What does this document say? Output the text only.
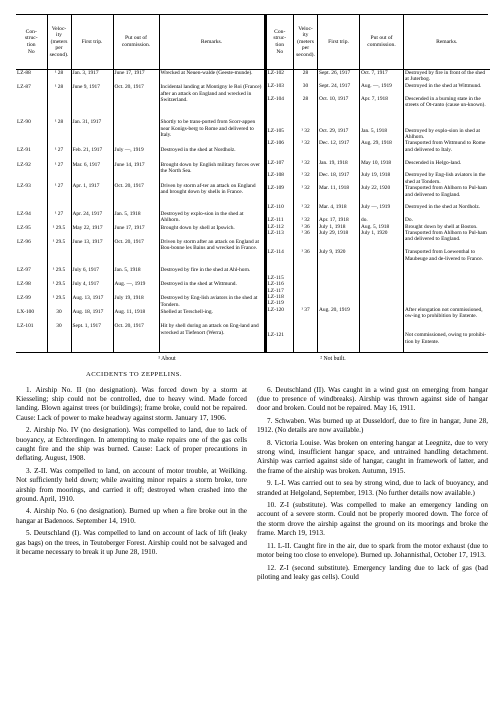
Con-
struc-
tion
No	Veloc-
ity
(meters
per
second).	First trip.	Put out of
commission.	Remarks.
LZ-88	¹ 28	Jan. 3, 1917	June 17, 1917	Wrecked at Neuen-walde (Geeste-munde).
LZ-87	¹ 28	June 9, 1917	Oct. 20, 1917	Incidental landing at Montigny le Roi (France) after an attack on England and wrecked in Switzerland.
LZ-90	¹ 28	Jan. 31, 1917		Shortly to be trans-ported from Scorr-appen near Konigs-berg to Rome and delivered to Italy.
LZ-91	¹ 27	Feb. 21, 1917	July —, 1919	Destroyed in the shed at Nordholz.
LZ-92	¹ 27	Mar. 6, 1917	June 14, 1917	Brought down by English military forces over the North Sea.
LZ-93	¹ 27	Apr. 1, 1917	Oct. 20, 1917	Driven by storm af-ter an attack on England and brought down by shells in France.
LZ-94	¹ 27	Apr. 24, 1917	Jan. 5, 1918	Destroyed by explo-sion in the shed at Ahlhorn.
LZ-95	¹ 29.5	May 22, 1917	June 17, 1917	Brought down by shell at Ipswich.
LZ-96	¹ 29.5	June 13, 1917	Oct. 20, 1917	Driven by storm after an attack on England at Bou-bonne les Bains and wrecked in France.
LZ-97	¹ 29.5	July 6, 1917	Jan. 5, 1918	Destroyed by fire in the shed at Ahl-horn.
LZ-98	¹ 29.5	July 4, 1917	Aug. —, 1919	Destroyed in the shed at Wittmund.
LZ-99	¹ 29.5	Aug. 13, 1917	July 19, 1918	Destroyed by Eng-lish aviators in the shed at Tondern.
LX-100	30	Aug. 18, 1917	Aug. 11, 1918	Shelled at Terschell-ing.
LZ-101	30	Sept. 1, 1917	Oct. 20, 1917	Hit by shell during an attack on Eng-land and wrecked at Tiefenort (Werra).
Con-
struc-
tion
No	Veloc-
ity
(meters
per
second).	First trip.	Put out of
commission.	Remarks.
LZ-102	28	Sept. 26, 1917	Oct. 7, 1917	Destroyed by fire in front of the shed at Juterbog.
LZ-103	30	Sept. 24, 1917	Aug. —, 1919	Destroyed in the shed at Wittmund.
LZ-104	28	Oct. 10, 1917	Apr. 7, 1918	Descended in a burning state in the streets of Ot-ranto (cause un-known).
LZ-105	¹ 32	Oct. 29, 1917	Jan. 5, 1918	Destroyed by explo-sion in shed at Ahlhorn.
LZ-106	¹ 32	Dec. 12, 1917	Aug. 29, 1918	Transported from Wittmund to Rome and delivered to Italy.
LZ-107	¹ 32	Jan. 19, 1918	May 10, 1918	Descended in Helgo-land.
LZ-108	¹ 32	Dec. 18, 1917	July 19, 1918	Destroyed by Eng-lish aviators in the shed at Tondern.
LZ-109	¹ 32	Mar. 11, 1918	July 22, 1920	Transported from Ahlhorn to Pul-ham and delivered to England.
LZ-110	¹ 32	Mar. 4, 1918	July —, 1919	Destroyed in the shed at Nordholz.
LZ-111	¹ 32	Apr. 17, 1918	do.	Do.
LZ-112	¹ 36	July 1, 1918	Aug. 5, 1918	Brought down by shell at Boston.
LZ-113	¹ 36	July 29, 1918	July 1, 1920	Transported from Ahlhorn to Pul-ham and delivered to England.
LZ-114	¹ 36	July 9, 1920		Transported from Loewenthal to Maubeuge and de-livered to France.
LZ-115				
LZ-116				
LZ-117				
LZ-118				
LZ-119				
LZ-120	¹ 37	Aug. 20, 1919		After elongation not commissioned, ow-ing to prohibition by Entente.
LZ-121				Not commissioned, owing to prohibi-tion by Entente.
¹ About	² Not built.
ACCIDENTS TO ZEPPELINS.

1. Airship No. II (no designation). Was forced down by a storm at Kiesseling; ship could not be controlled, due to heavy wind. Made forced landing. Blown against trees (or buildings); frame broke, could not be repaired. Cause: Lack of power to make headway against storm. January 17, 1906.

2. Airship No. IV (no designation). Was compelled to land, due to lack of buoyancy, at Echterdingen. In attempting to make repairs one of the gas cells caught fire and the ship was burned. Cause: Lack of proper precautions in deflating. August, 1908.

3. Z-II. Was compelled to land, on account of motor trouble, at Weilking. Not sufficiently held down; while awaiting minor repairs a storm broke, tore airship from moorings, and carried it off; destroyed when crashed into the ground. April, 1910.

4. Airship No. 6 (no designation). Burned up when a fire broke out in the hangar at Badenoos. September 14, 1910.

5. Deutschland (I). Was compelled to land on account of lack of lift (leaky gas bags) on the trees, in Teutoberger Forest. Airship could not be salvaged and it became necessary to break it up June 28, 1910.

6. Deutschland (II). Was caught in a wind gust on emerging from hangar (due to presence of windbreaks). Airship was thrown against side of hangar door and broken. Could not be repaired. May 16, 1911.

7. Schwaben. Was burned up at Dusseldorf, due to fire in hangar, June 28, 1912. (No details are now available.)

8. Victoria Louise. Was broken on entering hangar at Leegnitz, due to very strong wind, insufficient hangar space, and untrained handling detachment. Airship was carried against side of hangar, caught in framework of latter, and the frame of the airship was broken. Autumn, 1915.

9. L-I. Was carried out to sea by strong wind, due to lack of buoyancy, and stranded at Helgoland, September, 1913. (No further details now available.)

10. Z-I (substitute). Was compelled to make an emergency landing on account of a severe storm. Could not be properly moored down. The force of the storm drove the airship against the ground on its moorings and broke the frame. March 19, 1913.

11. L-II. Caught fire in the air, due to spark from the motor exhaust (due to motor being too close to envelope). Burned up. Johannisthal, October 17, 1913.

12. Z-I (second substitute). Emergency landing due to lack of gas (bad piloting and leaky gas cells). Could
